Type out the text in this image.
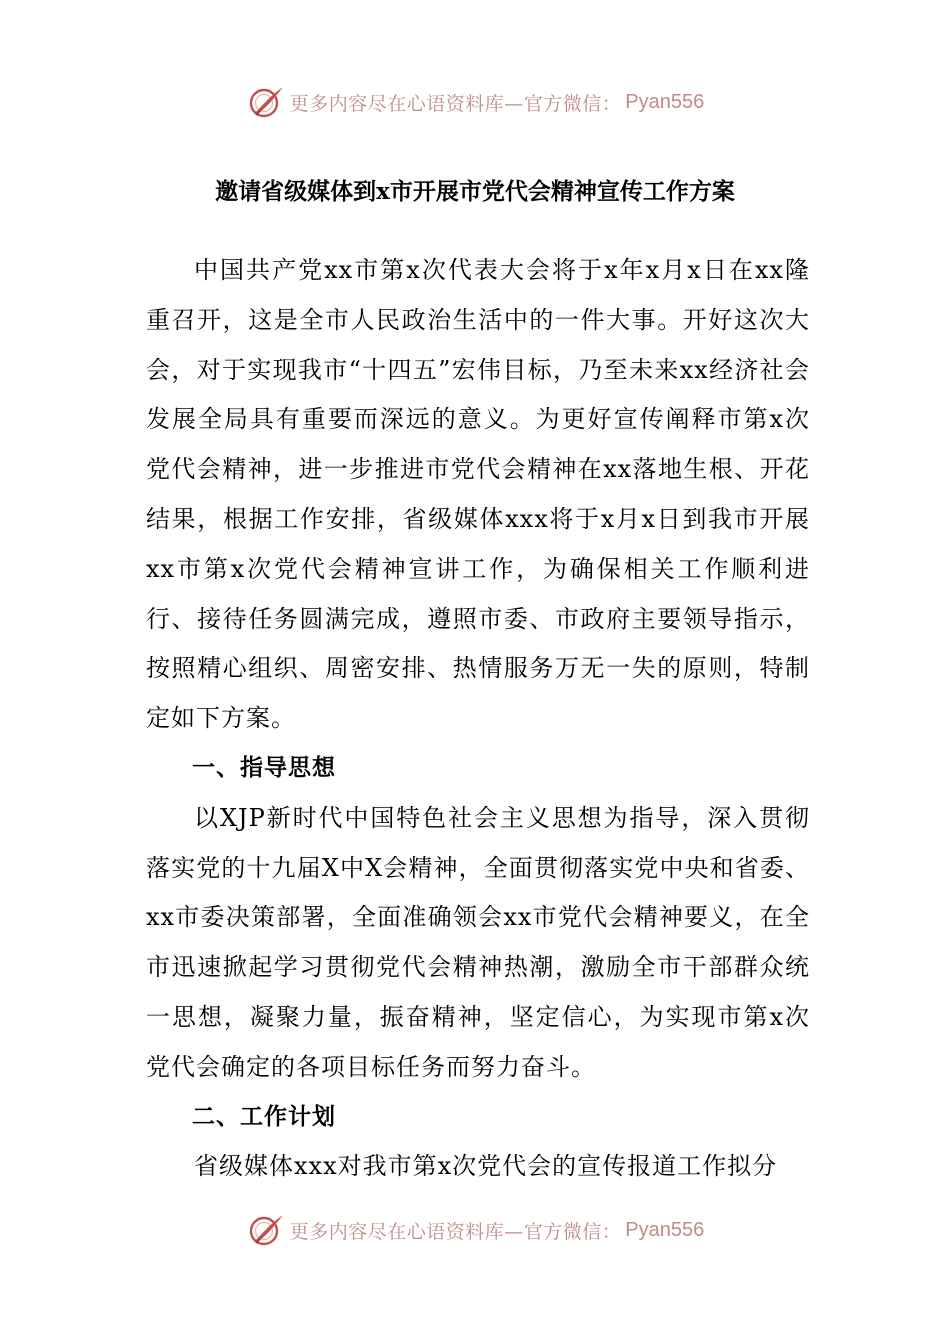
更多内容尽在心语资料库—官方微信： Pyan556
邀请省级媒体到x市开展市党代会精神宣传工作方案

中国共产党xx市第x次代表大会将于x年x月x日在xx隆重召开，这是全市人民政治生活中的一件大事。开好这次大会，对于实现我市“十四五”宏伟目标，乃至未来xx经济社会发展全局具有重要而深远的意义。为更好宣传阐释市第x次党代会精神，进一步推进市党代会精神在xx落地生根、开花结果，根据工作安排，省级媒体xxx将于x月x日到我市开展xx市第x次党代会精神宣讲工作，为确保相关工作顺利进行、接待任务圆满完成，遵照市委、市政府主要领导指示，按照精心组织、周密安排、热情服务万无一失的原则，特制定如下方案。

一、指导思想

以XJP新时代中国特色社会主义思想为指导，深入贯彻落实党的十九届X中X会精神，全面贯彻落实党中央和省委、xx市委决策部署，全面准确领会xx市党代会精神要义，在全市迅速掀起学习贯彻党代会精神热潮，激励全市干部群众统一思想，凝聚力量，振奋精神，坚定信心，为实现市第x次党代会确定的各项目标任务而努力奋斗。

二、工作计划

省级媒体xxx对我市第x次党代会的宣传报道工作拟分

更多内容尽在心语资料库—官方微信： Pyan556
